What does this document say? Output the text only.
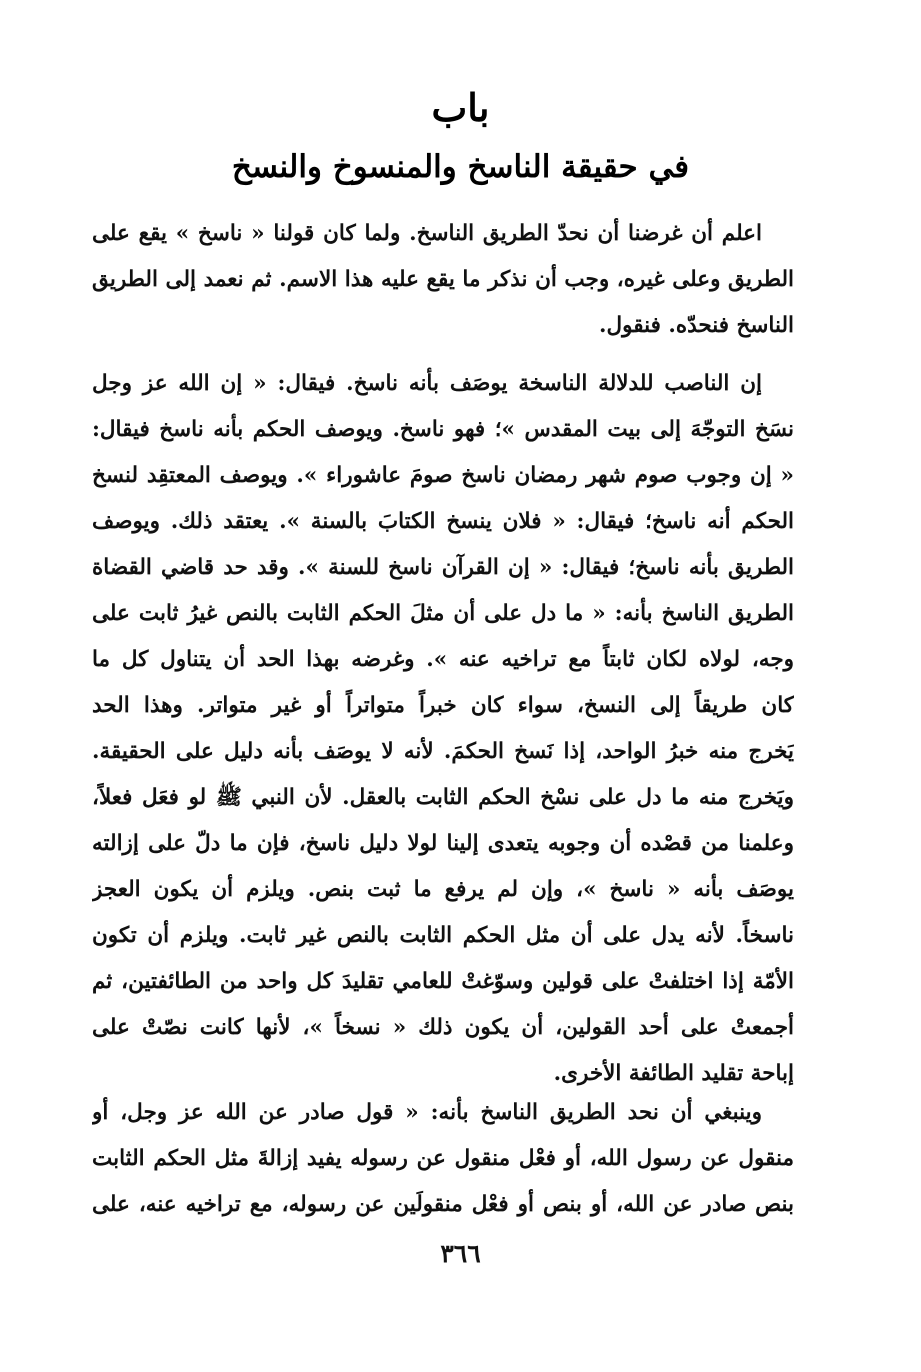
باب
في حقيقة الناسخ والمنسوخ والنسخ
اعلم أن غرضنا أن نحدّ الطريق الناسخ. ولما كان قولنا « ناسخ » يقع على
الطريق وعلى غيره، وجب أن نذكر ما يقع عليه هذا الاسم. ثم نعمد إلى الطريق
الناسخ فنحدّه. فنقول.
إن الناصب للدلالة الناسخة يوصَف بأنه ناسخ. فيقال: « إن الله عز وجل
نسَخ التوجّهَ إلى بيت المقدس »؛ فهو ناسخ. ويوصف الحكم بأنه ناسخ فيقال:
« إن وجوب صوم شهر رمضان ناسخ صومَ عاشوراء ». ويوصف المعتقِد لنسخ
الحكم أنه ناسخ؛ فيقال: « فلان ينسخ الكتابَ بالسنة ». يعتقد ذلك. ويوصف
الطريق بأنه ناسخ؛ فيقال: « إن القرآن ناسخ للسنة ». وقد حد قاضي القضاة
الطريق الناسخ بأنه: « ما دل على أن مثلَ الحكم الثابت بالنص غيرُ ثابت على
وجه، لولاه لكان ثابتاً مع تراخيه عنه ». وغرضه بهذا الحد أن يتناول كل ما
كان طريقاً إلى النسخ، سواء كان خبراً متواتراً أو غير متواتر. وهذا الحد
يَخرج منه خبرُ الواحد، إذا نَسخ الحكمَ. لأنه لا يوصَف بأنه دليل على الحقيقة.
ويَخرج منه ما دل على نسْخ الحكم الثابت بالعقل. لأن النبي ﷺ لو فعَل فعلاً،
وعلمنا من قصْده أن وجوبه يتعدى إلينا لولا دليل ناسخ، فإن ما دلّ على إزالته
يوصَف بأنه « ناسخ »، وإن لم يرفع ما ثبت بنص. ويلزم أن يكون العجز
ناسخاً. لأنه يدل على أن مثل الحكم الثابت بالنص غير ثابت. ويلزم أن تكون
الأمّة إذا اختلفتْ على قولين وسوّغتْ للعامي تقليدَ كل واحد من الطائفتين، ثم
أجمعتْ على أحد القولين، أن يكون ذلك « نسخاً »، لأنها كانت نصّتْ على
إباحة تقليد الطائفة الأخرى.
وينبغي أن نحد الطريق الناسخ بأنه: « قول صادر عن الله عز وجل، أو
منقول عن رسول الله، أو فعْل منقول عن رسوله يفيد إزالةَ مثل الحكم الثابت
بنص صادر عن الله، أو بنص أو فعْل منقولَين عن رسوله، مع تراخيه عنه، على
٣٦٦
